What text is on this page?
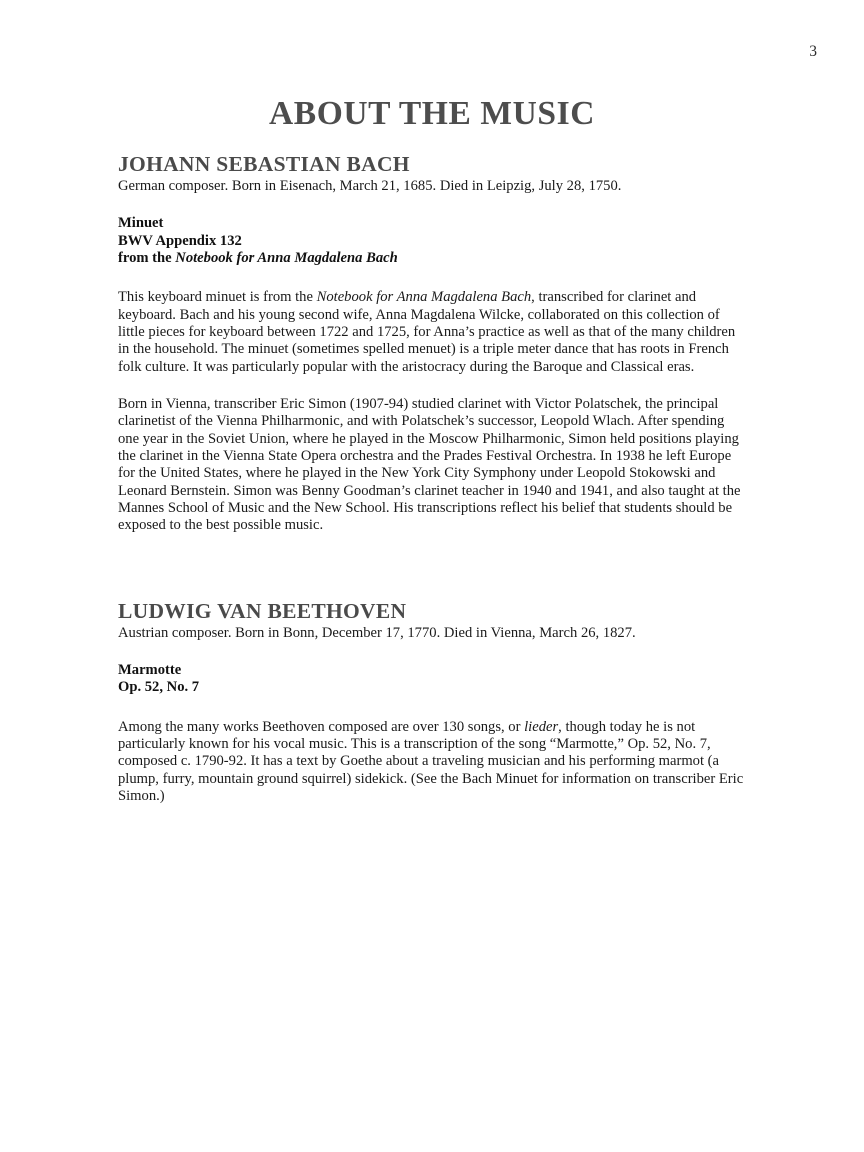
3
ABOUT THE MUSIC
JOHANN SEBASTIAN BACH

German composer. Born in Eisenach, March 21, 1685. Died in Leipzig, July 28, 1750.

Minuet
BWV Appendix 132
from the Notebook for Anna Magdalena Bach

This keyboard minuet is from the Notebook for Anna Magdalena Bach, transcribed for clarinet and keyboard. Bach and his young second wife, Anna Magdalena Wilcke, collaborated on this collection of little pieces for keyboard between 1722 and 1725, for Anna’s practice as well as that of the many children in the household. The minuet (sometimes spelled menuet) is a triple meter dance that has roots in French folk culture. It was particularly popular with the aristocracy during the Baroque and Classical eras.

Born in Vienna, transcriber Eric Simon (1907-94) studied clarinet with Victor Polatschek, the principal clarinetist of the Vienna Philharmonic, and with Polatschek’s successor, Leopold Wlach. After spending one year in the Soviet Union, where he played in the Moscow Philharmonic, Simon held positions playing the clarinet in the Vienna State Opera orchestra and the Prades Festival Orchestra. In 1938 he left Europe for the United States, where he played in the New York City Symphony under Leopold Stokowski and Leonard Bernstein. Simon was Benny Goodman’s clarinet teacher in 1940 and 1941, and also taught at the Mannes School of Music and the New School. His transcriptions reflect his belief that students should be exposed to the best possible music.

LUDWIG VAN BEETHOVEN

Austrian composer. Born in Bonn, December 17, 1770. Died in Vienna, March 26, 1827.

Marmotte
Op. 52, No. 7

Among the many works Beethoven composed are over 130 songs, or lieder, though today he is not particularly known for his vocal music. This is a transcription of the song “Marmotte,” Op. 52, No. 7, composed c. 1790-92. It has a text by Goethe about a traveling musician and his performing marmot (a plump, furry, mountain ground squirrel) sidekick. (See the Bach Minuet for information on transcriber Eric Simon.)
